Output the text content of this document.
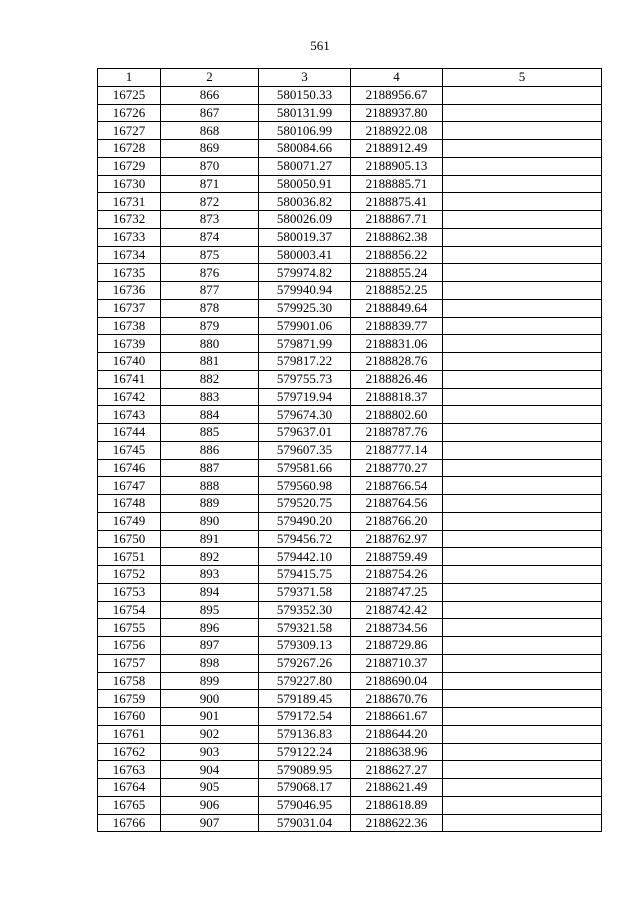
561
1	2	3	4	5
16725	866	580150.33	2188956.67	
16726	867	580131.99	2188937.80	
16727	868	580106.99	2188922.08	
16728	869	580084.66	2188912.49	
16729	870	580071.27	2188905.13	
16730	871	580050.91	2188885.71	
16731	872	580036.82	2188875.41	
16732	873	580026.09	2188867.71	
16733	874	580019.37	2188862.38	
16734	875	580003.41	2188856.22	
16735	876	579974.82	2188855.24	
16736	877	579940.94	2188852.25	
16737	878	579925.30	2188849.64	
16738	879	579901.06	2188839.77	
16739	880	579871.99	2188831.06	
16740	881	579817.22	2188828.76	
16741	882	579755.73	2188826.46	
16742	883	579719.94	2188818.37	
16743	884	579674.30	2188802.60	
16744	885	579637.01	2188787.76	
16745	886	579607.35	2188777.14	
16746	887	579581.66	2188770.27	
16747	888	579560.98	2188766.54	
16748	889	579520.75	2188764.56	
16749	890	579490.20	2188766.20	
16750	891	579456.72	2188762.97	
16751	892	579442.10	2188759.49	
16752	893	579415.75	2188754.26	
16753	894	579371.58	2188747.25	
16754	895	579352.30	2188742.42	
16755	896	579321.58	2188734.56	
16756	897	579309.13	2188729.86	
16757	898	579267.26	2188710.37	
16758	899	579227.80	2188690.04	
16759	900	579189.45	2188670.76	
16760	901	579172.54	2188661.67	
16761	902	579136.83	2188644.20	
16762	903	579122.24	2188638.96	
16763	904	579089.95	2188627.27	
16764	905	579068.17	2188621.49	
16765	906	579046.95	2188618.89	
16766	907	579031.04	2188622.36	
